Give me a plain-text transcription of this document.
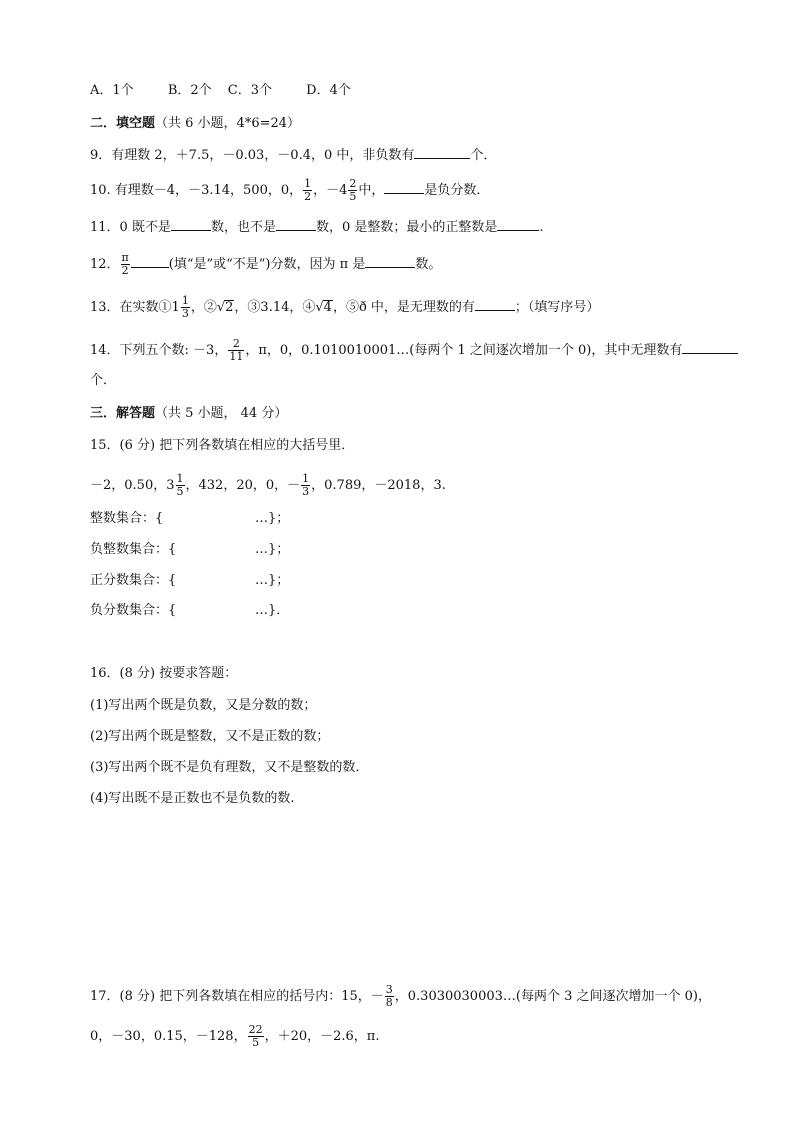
A．1个	B．2个 C．3个	D．4个
二．填空题（共 6 小题，4*6=24）
9．有理数 2，＋7.5，－0.03，－0.4，0 中，非负数有	个．
10. 有理数－4，－3.14，500，0， $\frac{1}{2}$ ，$-4 \frac{2}{5}$ 中，	是负分数．
11．0 既不是	数，也不是	数，0 是整数；最小的正整数是	.
12． $\frac{\pi}{2}$	(填“是”或“不是”)分数，因为 π 是	数。
13．在实数①1 $\frac{1}{3}$ ，②√2，③3.14，④√4，⑤ð 中，是无理数的有	；（填写序号）
14．下列五个数: －3， $\frac{2}{11}$ ，π，0，0.1010010001…(每两个 1 之间逐次增加一个 0)，其中无理数有
个．
三．解答题（共 5 小题， 44 分）
15．(6 分) 把下列各数填在相应的大括号里．
－2，0.50，$3 \frac{1}{5}$ ，432，20，0，－ $\frac{1}{3}$ ，0.789，－2018，3.
整数集合：{	…}；
负整数集合：{	…}；
正分数集合：{	…}；
负分数集合：{	…}．
16．(8 分) 按要求答题：
(1)写出两个既是负数，又是分数的数；
(2)写出两个既是整数，又不是正数的数；
(3)写出两个既不是负有理数，又不是整数的数．
(4)写出既不是正数也不是负数的数.
17．(8 分) 把下列各数填在相应的括号内：15，－ $\frac{3}{8}$ ，0.3030030003…(每两个 3 之间逐次增加一个 0)，
0，－30，0.15，－128， $\frac{22}{5}$ ，＋20，－2.6，π.
